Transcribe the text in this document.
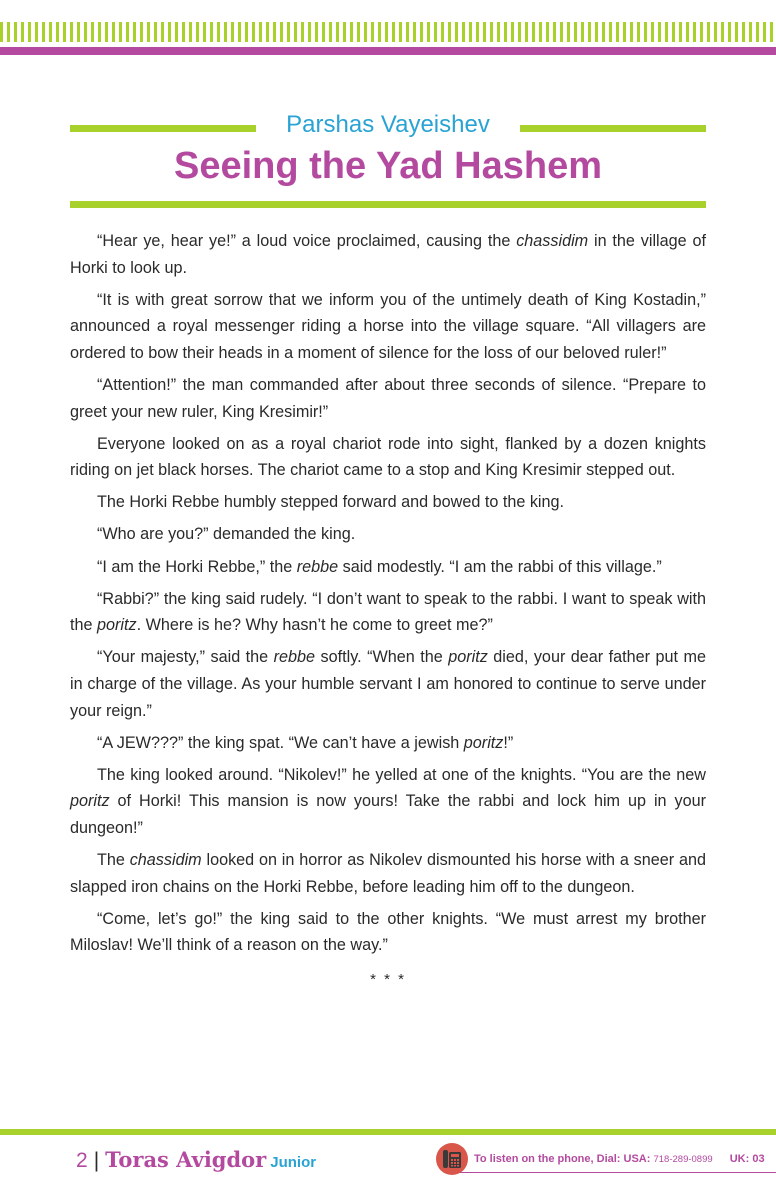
Parshas Vayeishev
Seeing the Yad Hashem

“Hear ye, hear ye!” a loud voice proclaimed, causing the chassidim in the village of Horki to look up.

“It is with great sorrow that we inform you of the untimely death of King Kostadin,” announced a royal messenger riding a horse into the village square. “All villagers are ordered to bow their heads in a moment of silence for the loss of our beloved ruler!”

“Attention!” the man commanded after about three seconds of silence. “Prepare to greet your new ruler, King Kresimir!”

Everyone looked on as a royal chariot rode into sight, flanked by a dozen knights riding on jet black horses. The chariot came to a stop and King Kresimir stepped out.

The Horki Rebbe humbly stepped forward and bowed to the king.

“Who are you?” demanded the king.

“I am the Horki Rebbe,” the rebbe said modestly. “I am the rabbi of this village.”

“Rabbi?” the king said rudely. “I don’t want to speak to the rabbi. I want to speak with the poritz. Where is he? Why hasn’t he come to greet me?”

“Your majesty,” said the rebbe softly. “When the poritz died, your dear father put me in charge of the village. As your humble servant I am honored to continue to serve under your reign.”

“A JEW???” the king spat. “We can’t have a jewish poritz!”

The king looked around. “Nikolev!” he yelled at one of the knights. “You are the new poritz of Horki! This mansion is now yours! Take the rabbi and lock him up in your dungeon!”

The chassidim looked on in horror as Nikolev dismounted his horse with a sneer and slapped iron chains on the Horki Rebbe, before leading him off to the dungeon.

“Come, let’s go!” the king said to the other knights. “We must arrest my brother Miloslav! We’ll think of a reason on the way.”

* * *
2 | Toras Avigdor Junior	To listen on the phone, Dial: USA: 718-289-0899 UK: 03
